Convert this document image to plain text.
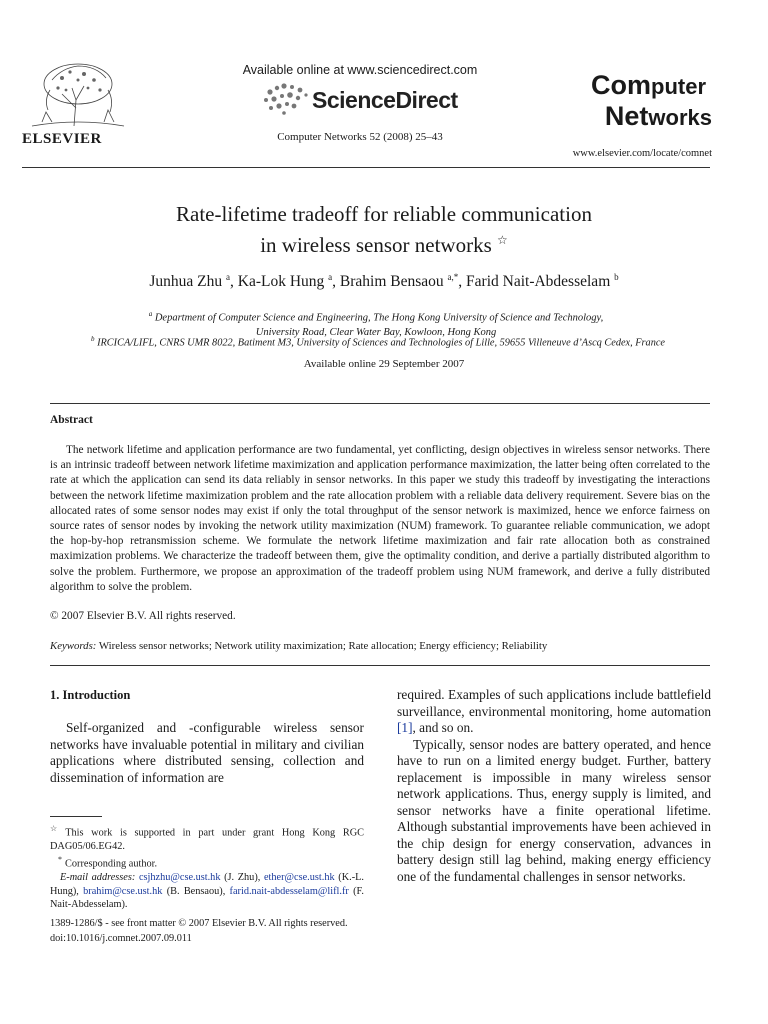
ELSEVIER
Available online at www.sciencedirect.com
ScienceDirect
Computer Networks 52 (2008) 25–43
Computer
Networks
www.elsevier.com/locate/comnet
Rate-lifetime tradeoff for reliable communication
in wireless sensor networks ☆
Junhua Zhu $^a$, Ka-Lok Hung $^a$, Brahim Bensaou $^{a,*}$, Farid Nait-Abdesselam $^b$
$^a$ Department of Computer Science and Engineering, The Hong Kong University of Science and Technology,
University Road, Clear Water Bay, Kowloon, Hong Kong
$^b$ IRCICA/LIFL, CNRS UMR 8022, Batiment M3, University of Sciences and Technologies of Lille, 59655 Villeneuve d’Ascq Cedex, France
Available online 29 September 2007
Abstract

The network lifetime and application performance are two fundamental, yet conflicting, design objectives in wireless sensor networks. There is an intrinsic tradeoff between network lifetime maximization and application performance maximization, the latter being often correlated to the rate at which the application can send its data reliably in sensor networks. In this paper we study this tradeoff by investigating the interactions between the network lifetime maximization problem and the rate allocation problem with a reliable data delivery requirement. Severe bias on the allocated rates of some sensor nodes may exist if only the total throughput of the sensor network is maximized, hence we enforce fairness on source rates of sensor nodes by invoking the network utility maximization (NUM) framework. To guarantee reliable communication, we adopt the hop-by-hop retransmission scheme. We formulate the network lifetime maximization and fair rate allocation both as constrained maximization problems. We characterize the tradeoff between them, give the optimality condition, and derive a partially distributed algorithm to solve the problem. Furthermore, we propose an approximation of the tradeoff problem using NUM framework, and derive a fully distributed algorithm to solve the problem.

© 2007 Elsevier B.V. All rights reserved.
Keywords: Wireless sensor networks; Network utility maximization; Rate allocation; Energy efficiency; Reliability
1. Introduction

Self-organized and -configurable wireless sensor networks have invaluable potential in military and civilian applications where distributed sensing, collection and dissemination of information are

required. Examples of such applications include battlefield surveillance, environmental monitoring, home automation [1], and so on.

Typically, sensor nodes are battery operated, and hence have to run on a limited energy budget. Further, battery replacement is impossible in many wireless sensor network applications. Thus, energy supply is limited, and sensor networks have a finite operational lifetime. Although substantial improvements have been achieved in the chip design for energy conservation, advances in battery design still lag behind, making energy efficiency one of the fundamental challenges in sensor networks.

☆ This work is supported in part under grant Hong Kong RGC DAG05/06.EG42.

* Corresponding author.

E-mail addresses: csjhzhu@cse.ust.hk (J. Zhu), ether@cse.ust.hk (K.-L. Hung), brahim@cse.ust.hk (B. Bensaou), farid.nait-abdesselam@lifl.fr (F. Nait-Abdesselam).

1389-1286/$ - see front matter © 2007 Elsevier B.V. All rights reserved.
doi:10.1016/j.comnet.2007.09.011
